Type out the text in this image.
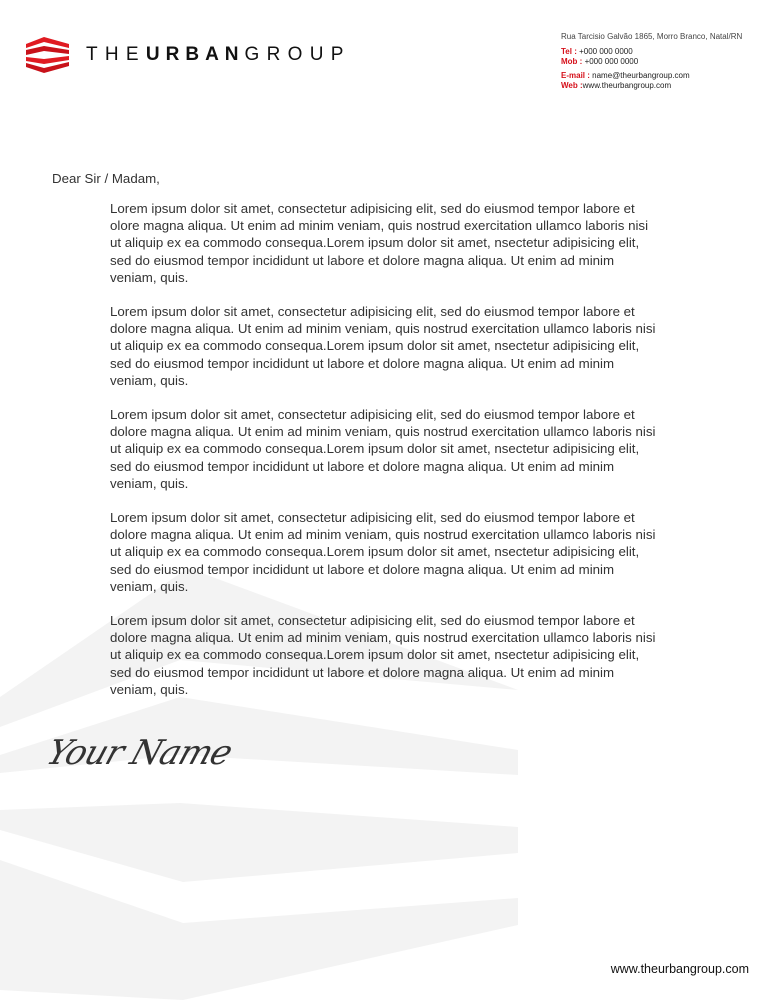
THEURBANGROUP
Rua Tarcisio Galvão 1865, Morro Branco, Natal/RN
Tel : +000 000 0000
Mob : +000 000 0000
E-mail : name@theurbangroup.com
Web :www.theurbangroup.com
Dear Sir / Madam,
Lorem ipsum dolor sit amet, consectetur adipisicing elit, sed do eiusmod tempor labore et
olore magna aliqua. Ut enim ad minim veniam, quis nostrud exercitation ullamco laboris nisi
ut aliquip ex ea commodo consequa.Lorem ipsum dolor sit amet, nsectetur adipisicing elit,
sed do eiusmod tempor incididunt ut labore et dolore magna aliqua. Ut enim ad minim
veniam, quis.
Lorem ipsum dolor sit amet, consectetur adipisicing elit, sed do eiusmod tempor labore et
dolore magna aliqua. Ut enim ad minim veniam, quis nostrud exercitation ullamco laboris nisi
ut aliquip ex ea commodo consequa.Lorem ipsum dolor sit amet, nsectetur adipisicing elit,
sed do eiusmod tempor incididunt ut labore et dolore magna aliqua. Ut enim ad minim
veniam, quis.
Lorem ipsum dolor sit amet, consectetur adipisicing elit, sed do eiusmod tempor labore et
dolore magna aliqua. Ut enim ad minim veniam, quis nostrud exercitation ullamco laboris nisi
ut aliquip ex ea commodo consequa.Lorem ipsum dolor sit amet, nsectetur adipisicing elit,
sed do eiusmod tempor incididunt ut labore et dolore magna aliqua. Ut enim ad minim
veniam, quis.
Lorem ipsum dolor sit amet, consectetur adipisicing elit, sed do eiusmod tempor labore et
dolore magna aliqua. Ut enim ad minim veniam, quis nostrud exercitation ullamco laboris nisi
ut aliquip ex ea commodo consequa.Lorem ipsum dolor sit amet, nsectetur adipisicing elit,
sed do eiusmod tempor incididunt ut labore et dolore magna aliqua. Ut enim ad minim
veniam, quis.
Lorem ipsum dolor sit amet, consectetur adipisicing elit, sed do eiusmod tempor labore et
dolore magna aliqua. Ut enim ad minim veniam, quis nostrud exercitation ullamco laboris nisi
ut aliquip ex ea commodo consequa.Lorem ipsum dolor sit amet, nsectetur adipisicing elit,
sed do eiusmod tempor incididunt ut labore et dolore magna aliqua. Ut enim ad minim
veniam, quis.
Your Name
www.theurbangroup.com
